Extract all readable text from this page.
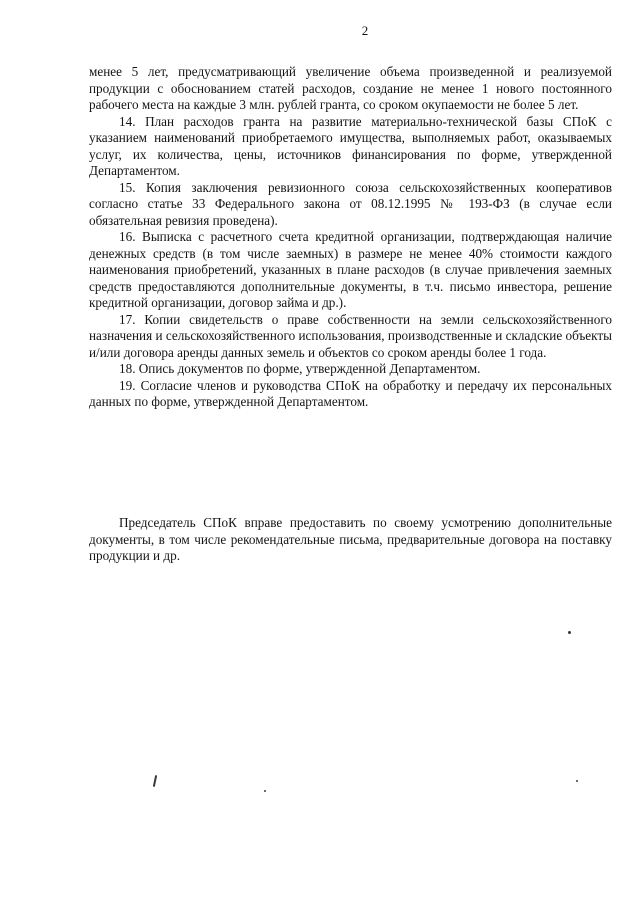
2

менее 5 лет, предусматривающий увеличение объема произведенной и реализуемой продукции с обоснованием статей расходов, создание не менее 1 нового постоянного рабочего места на каждые 3 млн. рублей гранта, со сроком окупаемости не более 5 лет.

14. План расходов гранта на развитие материально-технической базы СПоК с указанием наименований приобретаемого имущества, выполняемых работ, оказываемых услуг, их количества, цены, источников финансирования по форме, утвержденной Департаментом.

15. Копия заключения ревизионного союза сельскохозяйственных кооперативов согласно статье 33 Федерального закона от 08.12.1995 № 193-ФЗ (в случае если обязательная ревизия проведена).

16. Выписка с расчетного счета кредитной организации, подтверждающая наличие денежных средств (в том числе заемных) в размере не менее 40% стоимости каждого наименования приобретений, указанных в плане расходов (в случае привлечения заемных средств предоставляются дополнительные документы, в т.ч. письмо инвестора, решение кредитной организации, договор займа и др.).

17. Копии свидетельств о праве собственности на земли сельскохозяйственного назначения и сельскохозяйственного использования, производственные и складские объекты и/или договора аренды данных земель и объектов со сроком аренды более 1 года.

18. Опись документов по форме, утвержденной Департаментом.

19. Согласие членов и руководства СПоК на обработку и передачу их персональных данных по форме, утвержденной Департаментом.

Председатель СПоК вправе предоставить по своему усмотрению дополнительные документы, в том числе рекомендательные письма, предварительные договора на поставку продукции и др.
